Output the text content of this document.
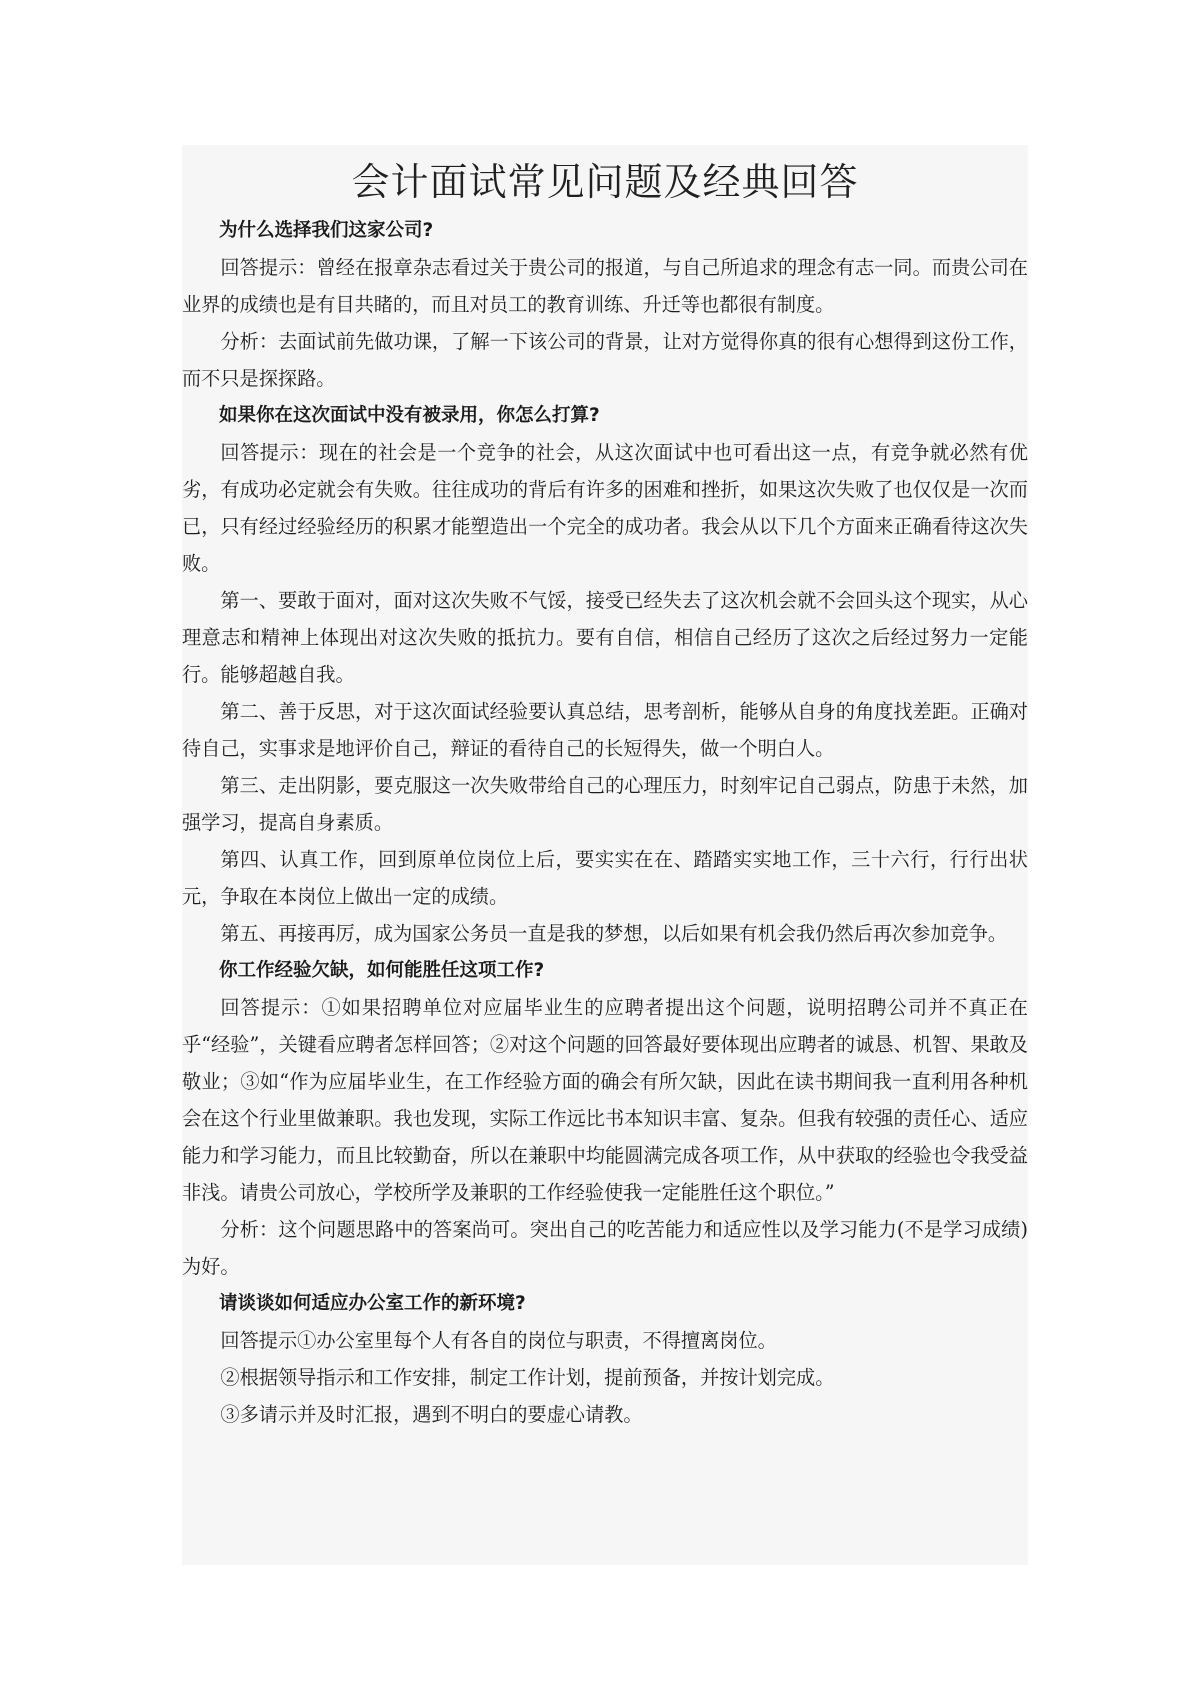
会计面试常见问题及经典回答

为什么选择我们这家公司?

回答提示：曾经在报章杂志看过关于贵公司的报道，与自己所追求的理念有志一同。而贵公司在业界的成绩也是有目共睹的，而且对员工的教育训练、升迁等也都很有制度。

分析：去面试前先做功课，了解一下该公司的背景，让对方觉得你真的很有心想得到这份工作，而不只是探探路。

如果你在这次面试中没有被录用，你怎么打算?

回答提示：现在的社会是一个竞争的社会，从这次面试中也可看出这一点，有竞争就必然有优劣，有成功必定就会有失败。往往成功的背后有许多的困难和挫折，如果这次失败了也仅仅是一次而已，只有经过经验经历的积累才能塑造出一个完全的成功者。我会从以下几个方面来正确看待这次失败。

第一、要敢于面对，面对这次失败不气馁，接受已经失去了这次机会就不会回头这个现实，从心理意志和精神上体现出对这次失败的抵抗力。要有自信，相信自己经历了这次之后经过努力一定能行。能够超越自我。

第二、善于反思，对于这次面试经验要认真总结，思考剖析，能够从自身的角度找差距。正确对待自己，实事求是地评价自己，辩证的看待自己的长短得失，做一个明白人。

第三、走出阴影，要克服这一次失败带给自己的心理压力，时刻牢记自己弱点，防患于未然，加强学习，提高自身素质。

第四、认真工作，回到原单位岗位上后，要实实在在、踏踏实实地工作，三十六行，行行出状元，争取在本岗位上做出一定的成绩。

第五、再接再厉，成为国家公务员一直是我的梦想，以后如果有机会我仍然后再次参加竞争。

你工作经验欠缺，如何能胜任这项工作?

回答提示：①如果招聘单位对应届毕业生的应聘者提出这个问题，说明招聘公司并不真正在乎“经验”，关键看应聘者怎样回答；②对这个问题的回答最好要体现出应聘者的诚恳、机智、果敢及敬业；③如“作为应届毕业生，在工作经验方面的确会有所欠缺，因此在读书期间我一直利用各种机会在这个行业里做兼职。我也发现，实际工作远比书本知识丰富、复杂。但我有较强的责任心、适应能力和学习能力，而且比较勤奋，所以在兼职中均能圆满完成各项工作，从中获取的经验也令我受益非浅。请贵公司放心，学校所学及兼职的工作经验使我一定能胜任这个职位。”

分析：这个问题思路中的答案尚可。突出自己的吃苦能力和适应性以及学习能力(不是学习成绩)为好。

请谈谈如何适应办公室工作的新环境?

回答提示①办公室里每个人有各自的岗位与职责，不得擅离岗位。

②根据领导指示和工作安排，制定工作计划，提前预备，并按计划完成。

③多请示并及时汇报，遇到不明白的要虚心请教。
